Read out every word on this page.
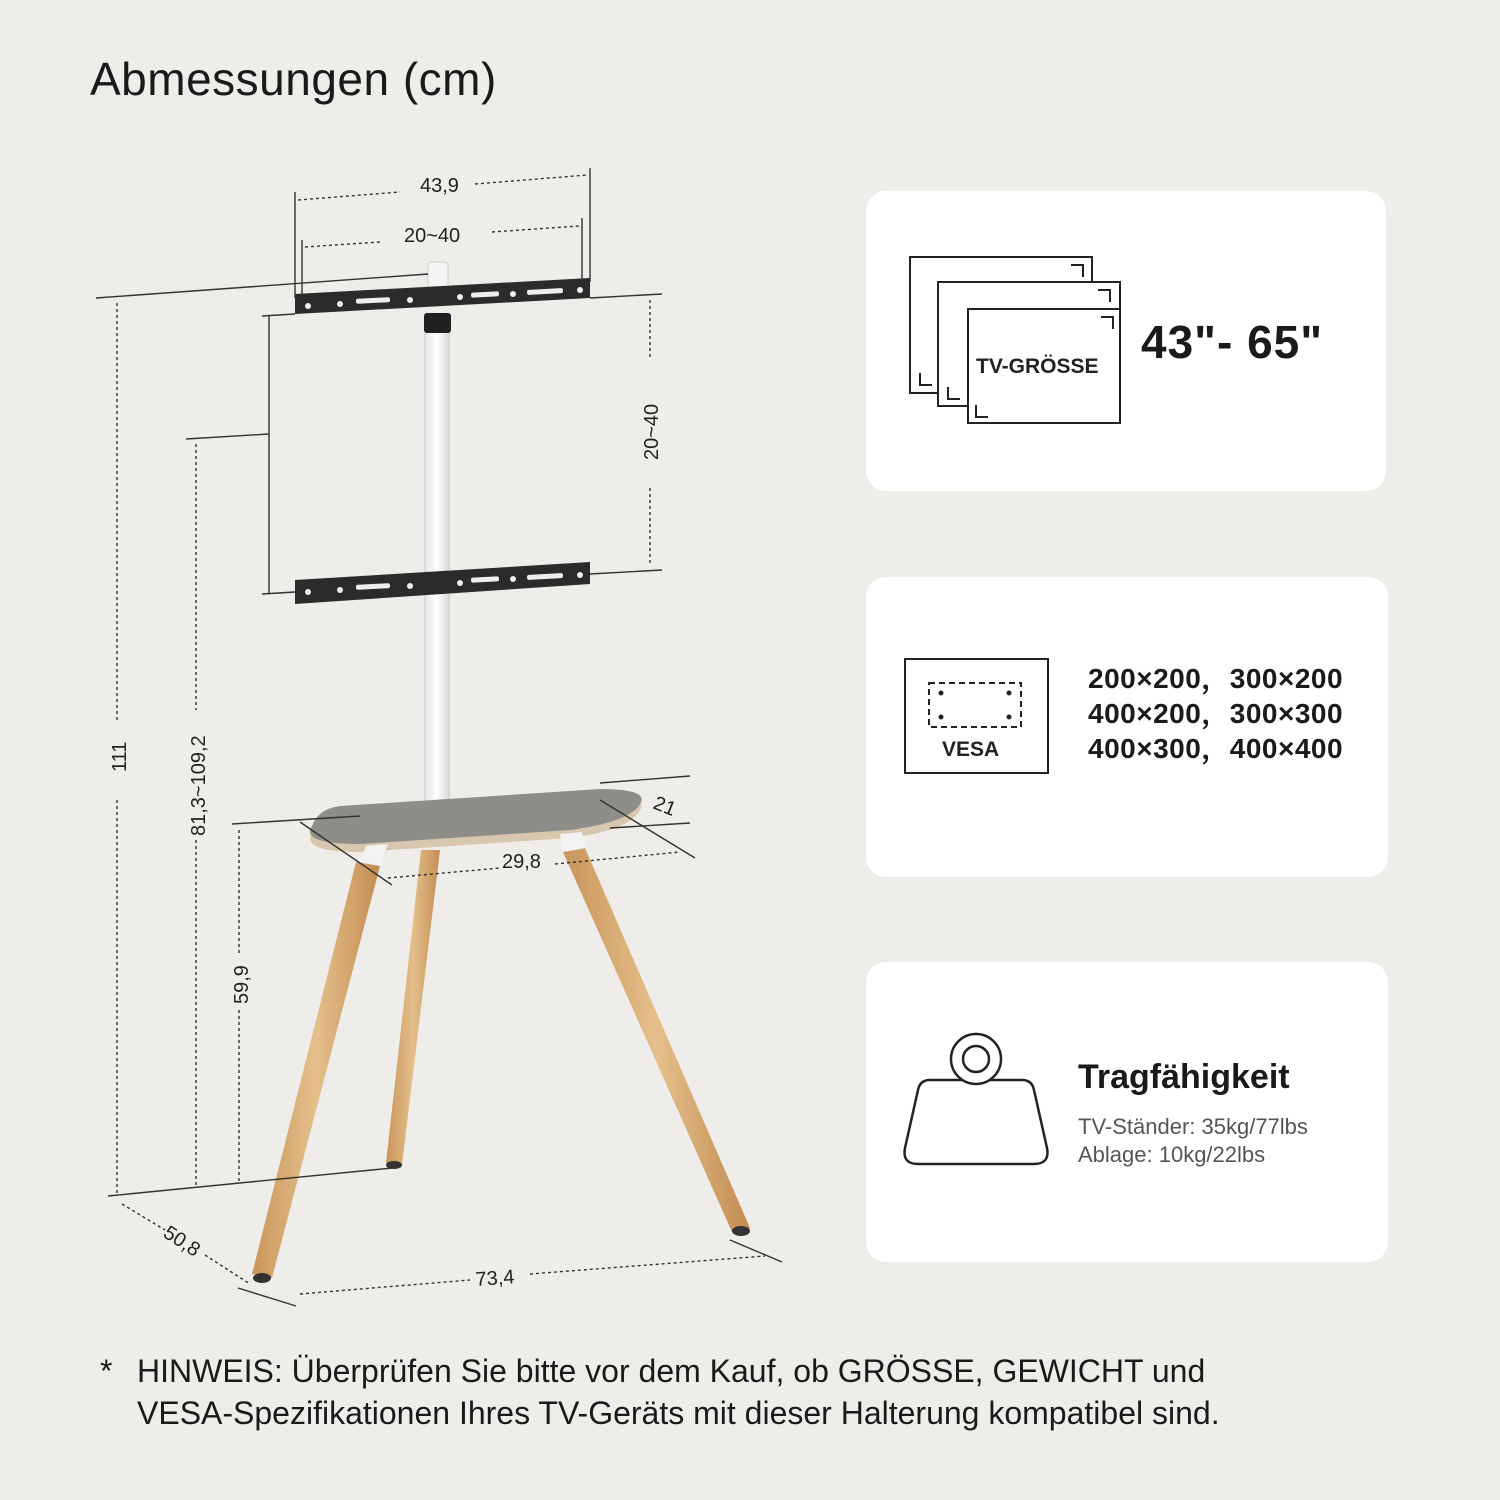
Abmessungen (cm)
43,9
20~40
20~40
111	81,3~109,2
59,9
21
29,8
50,8
73,4
TV-GRÖSSE 43"- 65"
VESA
200×200，300×200
400×200，300×300
400×300，400×400
Tragfähigkeit
TV-Ständer: 35kg/77lbs
Ablage: 10kg/22lbs
* HINWEIS: Überprüfen Sie bitte vor dem Kauf, ob GRÖSSE, GEWICHT und
VESA-Spezifikationen Ihres TV-Geräts mit dieser Halterung kompatibel sind.
